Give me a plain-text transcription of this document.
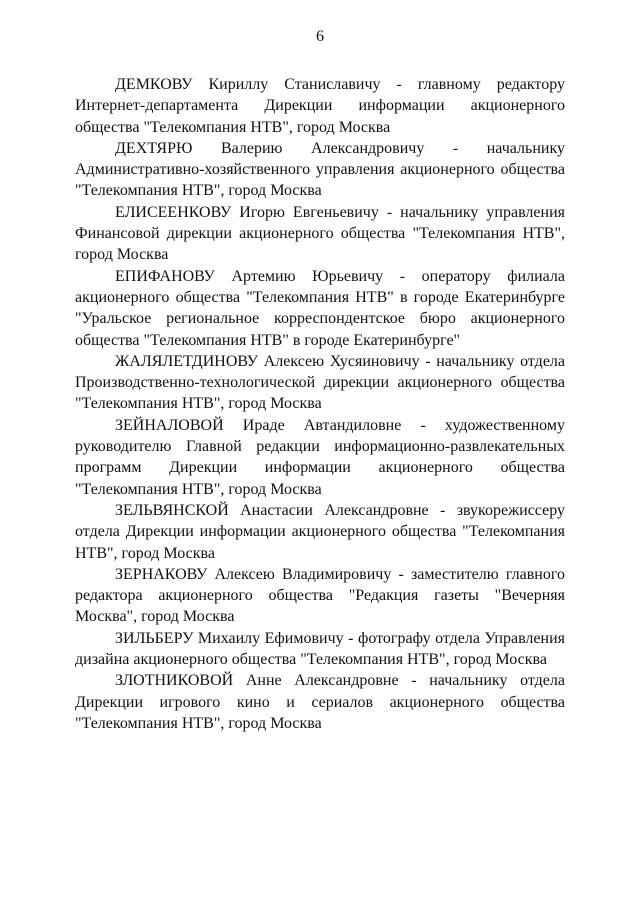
6

ДЕМКОВУ Кириллу Станиславичу - главному редактору Интернет-департамента Дирекции информации акционерного общества "Телекомпания НТВ", город Москва

ДЕХТЯРЮ Валерию Александровичу - начальнику Административно-хозяйственного управления акционерного общества "Телекомпания НТВ", город Москва

ЕЛИСЕЕНКОВУ Игорю Евгеньевичу - начальнику управления Финансовой дирекции акционерного общества "Телекомпания НТВ", город Москва

ЕПИФАНОВУ Артемию Юрьевичу - оператору филиала акционерного общества "Телекомпания НТВ" в городе Екатеринбурге "Уральское региональное корреспондентское бюро акционерного общества "Телекомпания НТВ" в городе Екатеринбурге"

ЖАЛЯЛЕТДИНОВУ Алексею Хусяиновичу - начальнику отдела Производственно-технологической дирекции акционерного общества "Телекомпания НТВ", город Москва

ЗЕЙНАЛОВОЙ Ираде Автандиловне - художественному руководителю Главной редакции информационно-развлекательных программ Дирекции информации акционерного общества "Телекомпания НТВ", город Москва

ЗЕЛЬВЯНСКОЙ Анастасии Александровне - звукорежиссеру отдела Дирекции информации акционерного общества "Телекомпания НТВ", город Москва

ЗЕРНАКОВУ Алексею Владимировичу - заместителю главного редактора акционерного общества "Редакция газеты "Вечерняя Москва", город Москва

ЗИЛЬБЕРУ Михаилу Ефимовичу - фотографу отдела Управления дизайна акционерного общества "Телекомпания НТВ", город Москва

ЗЛОТНИКОВОЙ Анне Александровне - начальнику отдела Дирекции игрового кино и сериалов акционерного общества "Телекомпания НТВ", город Москва
